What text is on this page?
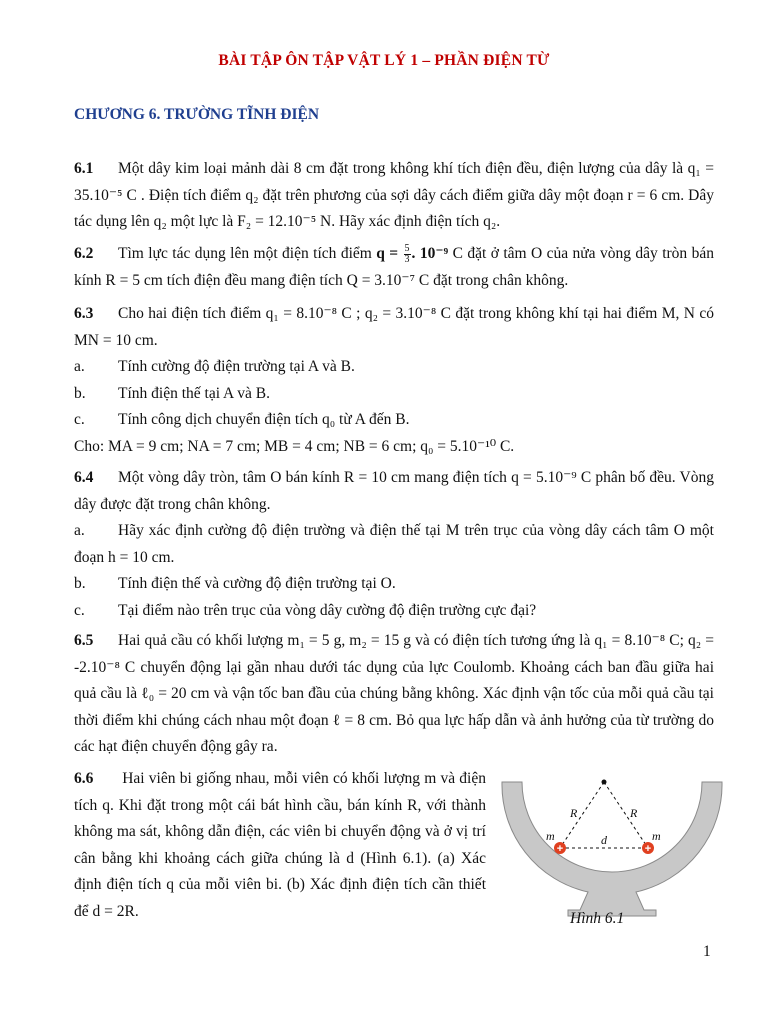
BÀI TẬP ÔN TẬP VẬT LÝ 1 – PHẦN ĐIỆN TỪ
CHƯƠNG 6. TRƯỜNG TĨNH ĐIỆN

6.1 Một dây kim loại mảnh dài 8 cm đặt trong không khí tích điện đều, điện lượng của dây là q₁ = 35.10⁻⁵ C . Điện tích điểm q₂ đặt trên phương của sợi dây cách điểm giữa dây một đoạn r = 6 cm. Dây tác dụng lên q₂ một lực là F₂ = 12.10⁻⁵ N. Hãy xác định điện tích q₂.

6.2 Tìm lực tác dụng lên một điện tích điểm $q = \frac{5}{3}$ . 10⁻⁹ C đặt ở tâm O của nửa vòng dây tròn bán kính R = 5 cm tích điện đều mang điện tích Q = 3.10⁻⁷ C đặt trong chân không.

6.3 Cho hai điện tích điểm q₁ = 8.10⁻⁸ C ; q₂ = 3.10⁻⁸ C đặt trong không khí tại hai điểm M, N có MN = 10 cm.

a. Tính cường độ điện trường tại A và B.

b. Tính điện thế tại A và B.

c. Tính công dịch chuyển điện tích q₀ từ A đến B.

Cho: MA = 9 cm; NA = 7 cm; MB = 4 cm; NB = 6 cm; q₀ = 5.10⁻¹⁰ C.

6.4 Một vòng dây tròn, tâm O bán kính R = 10 cm mang điện tích q = 5.10⁻⁹ C phân bố đều. Vòng dây được đặt trong chân không.

a. Hãy xác định cường độ điện trường và điện thế tại M trên trục của vòng dây cách tâm O một đoạn h = 10 cm.

b. Tính điện thế và cường độ điện trường tại O.

c. Tại điểm nào trên trục của vòng dây cường độ điện trường cực đại?

6.5 Hai quả cầu có khối lượng m₁ = 5 g, m₂ = 15 g và có điện tích tương ứng là q₁ = 8.10⁻⁸ C; q₂ = -2.10⁻⁸ C chuyển động lại gần nhau dưới tác dụng của lực Coulomb. Khoảng cách ban đầu giữa hai quả cầu là ℓ₀ = 20 cm và vận tốc ban đầu của chúng bằng không. Xác định vận tốc của mỗi quả cầu tại thời điểm khi chúng cách nhau một đoạn ℓ = 8 cm. Bỏ qua lực hấp dẫn và ảnh hưởng của từ trường do các hạt điện chuyển động gây ra.

6.6 Hai viên bi giống nhau, mỗi viên có khối lượng m và điện tích q. Khi đặt trong một cái bát hình cầu, bán kính R, với thành không ma sát, không dẫn điện, các viên bi chuyển động và ở vị trí cân bằng khi khoảng cách giữa chúng là d (Hình 6.1). (a) Xác định điện tích q của mỗi viên bi. (b) Xác định điện tích cần thiết để d = 2R.

+	+
R	R
m	m
d
Hình 6.1
1
